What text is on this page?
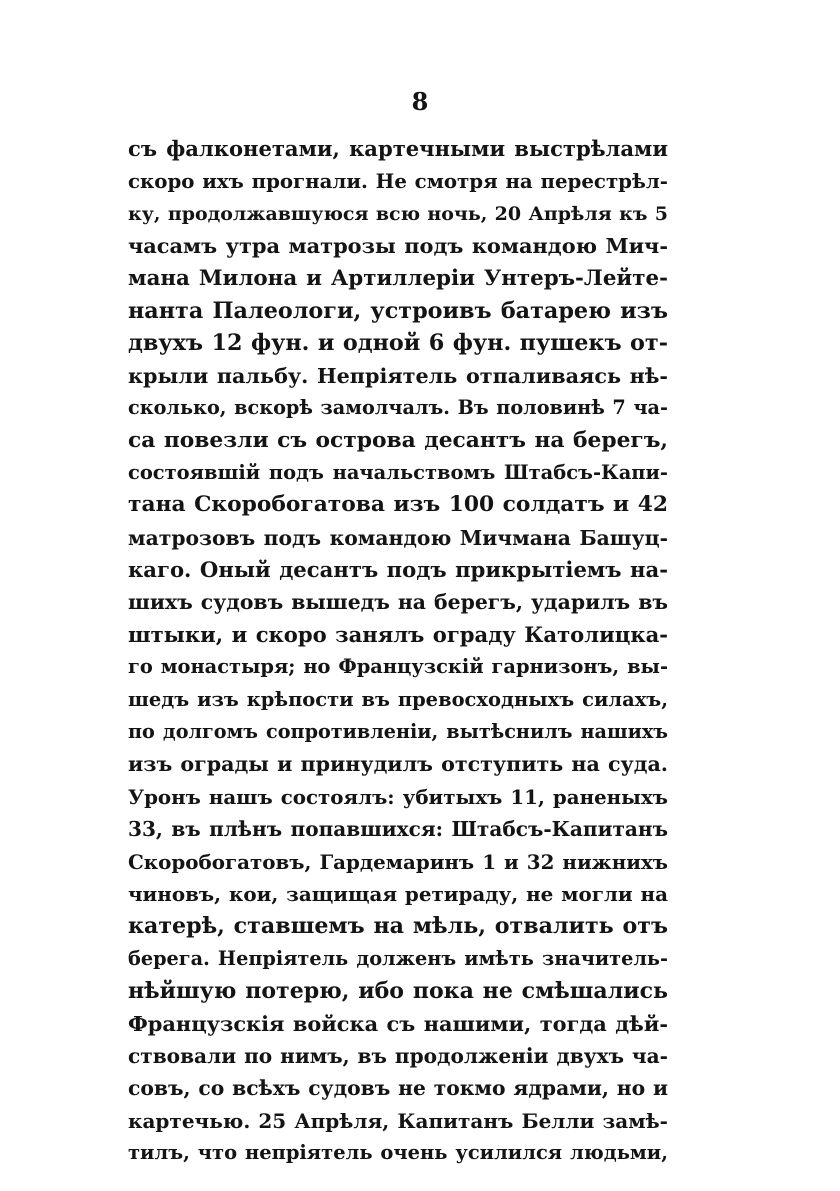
8
съ фалконетами, картечными выстрѣлами
скоро ихъ прогнали. Не смотря на перестрѣл-
ку, продолжавшуюся всю ночь, 20 Апрѣля къ 5
часамъ утра матрозы подъ командою Мич-
мана Милона и Артиллеріи Унтеръ-Лейте-
нанта Палеологи, устроивъ батарею изъ
двухъ 12 фун. и одной 6 фун. пушекъ от-
крыли пальбу. Непріятель отпаливаясь нѣ-
сколько, вскорѣ замолчалъ. Въ половинѣ 7 ча-
са повезли съ острова десантъ на берегъ,
состоявшій подъ начальствомъ Штабсъ-Капи-
тана Скоробогатова изъ 100 солдатъ и 42
матрозовъ подъ командою Мичмана Башуц-
каго. Оный десантъ подъ прикрытіемъ на-
шихъ судовъ вышедъ на берегъ, ударилъ въ
штыки, и скоро занялъ ограду Католицка-
го монастыря; но Французскій гарнизонъ, вы-
шедъ изъ крѣпости въ превосходныхъ силахъ,
по долгомъ сопротивленіи, вытѣснилъ нашихъ
изъ ограды и принудилъ отступить на суда.
Уронъ нашъ состоялъ: убитыхъ 11, раненыхъ
33, въ плѣнъ попавшихся: Штабсъ-Капитанъ
Скоробогатовъ, Гардемаринъ 1 и 32 нижнихъ
чиновъ, кои, защищая ретираду, не могли на
катерѣ, ставшемъ на мѣль, отвалить отъ
берега. Непріятель долженъ имѣть значитель-
нѣйшую потерю, ибо пока не смѣшались
Французскія войска съ нашими, тогда дѣй-
ствовали по нимъ, въ продолженіи двухъ ча-
совъ, со всѣхъ судовъ не токмо ядрами, но и
картечью. 25 Апрѣля, Капитанъ Белли замѣ-
тилъ, что непріятель очень усилился людьми,
